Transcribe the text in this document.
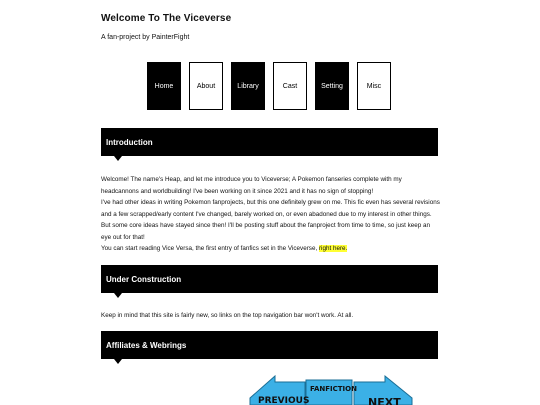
Welcome To The Viceverse
A fan-project by PainterFight
Home	About	Library	Cast	Setting	Misc
Introduction

Welcome! The name's Heap, and let me introduce you to Viceverse; A Pokemon fanseries complete with my headcannons and worldbuilding! I've been working on it since 2021 and it has no sign of stopping!

I've had other ideas in writing Pokemon fanprojects, but this one definitely grew on me. This fic even has several revisions and a few scrapped/early content I've changed, barely worked on, or even abadoned due to my interest in other things. But some core ideas have stayed since then! I'll be posting stuff about the fanproject from time to time, so just keep an eye out for that!

You can start reading Vice Versa, the first entry of fanfics set in the Viceverse, right here.

Under Construction
Keep in mind that this site is fairly new, so links on the top navigation bar won't work. At all.
Affiliates & Webrings
PREVIOUS
FANFICTION
NEXT
